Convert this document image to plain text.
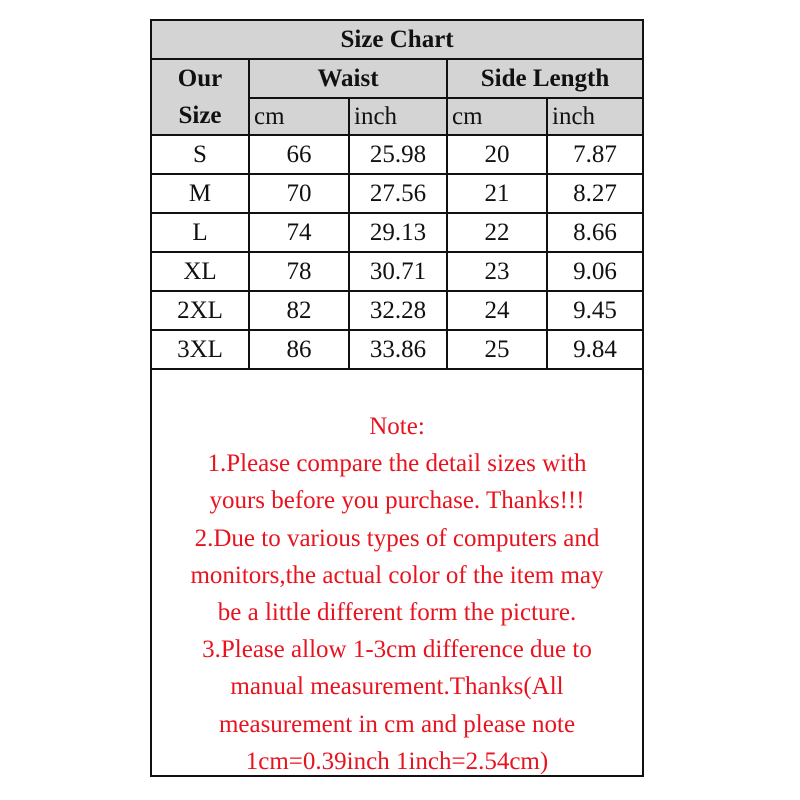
Size Chart				

Our
Size	Waist		Side Length	
	cm	inch	cm	inch
S	66	25.98	20	7.87
M	70	27.56	21	8.27
L	74	29.13	22	8.66
XL	78	30.71	23	9.06
2XL	82	32.28	24	9.45
3XL	86	33.86	25	9.84
Note:
1.Please compare the detail sizes with
yours before you purchase. Thanks!!!
2.Due to various types of computers and
monitors,the actual color of the item may
be a little different form the picture.
3.Please allow 1-3cm difference due to
manual measurement.Thanks(All
measurement in cm and please note
1cm=0.39inch 1inch=2.54cm)
